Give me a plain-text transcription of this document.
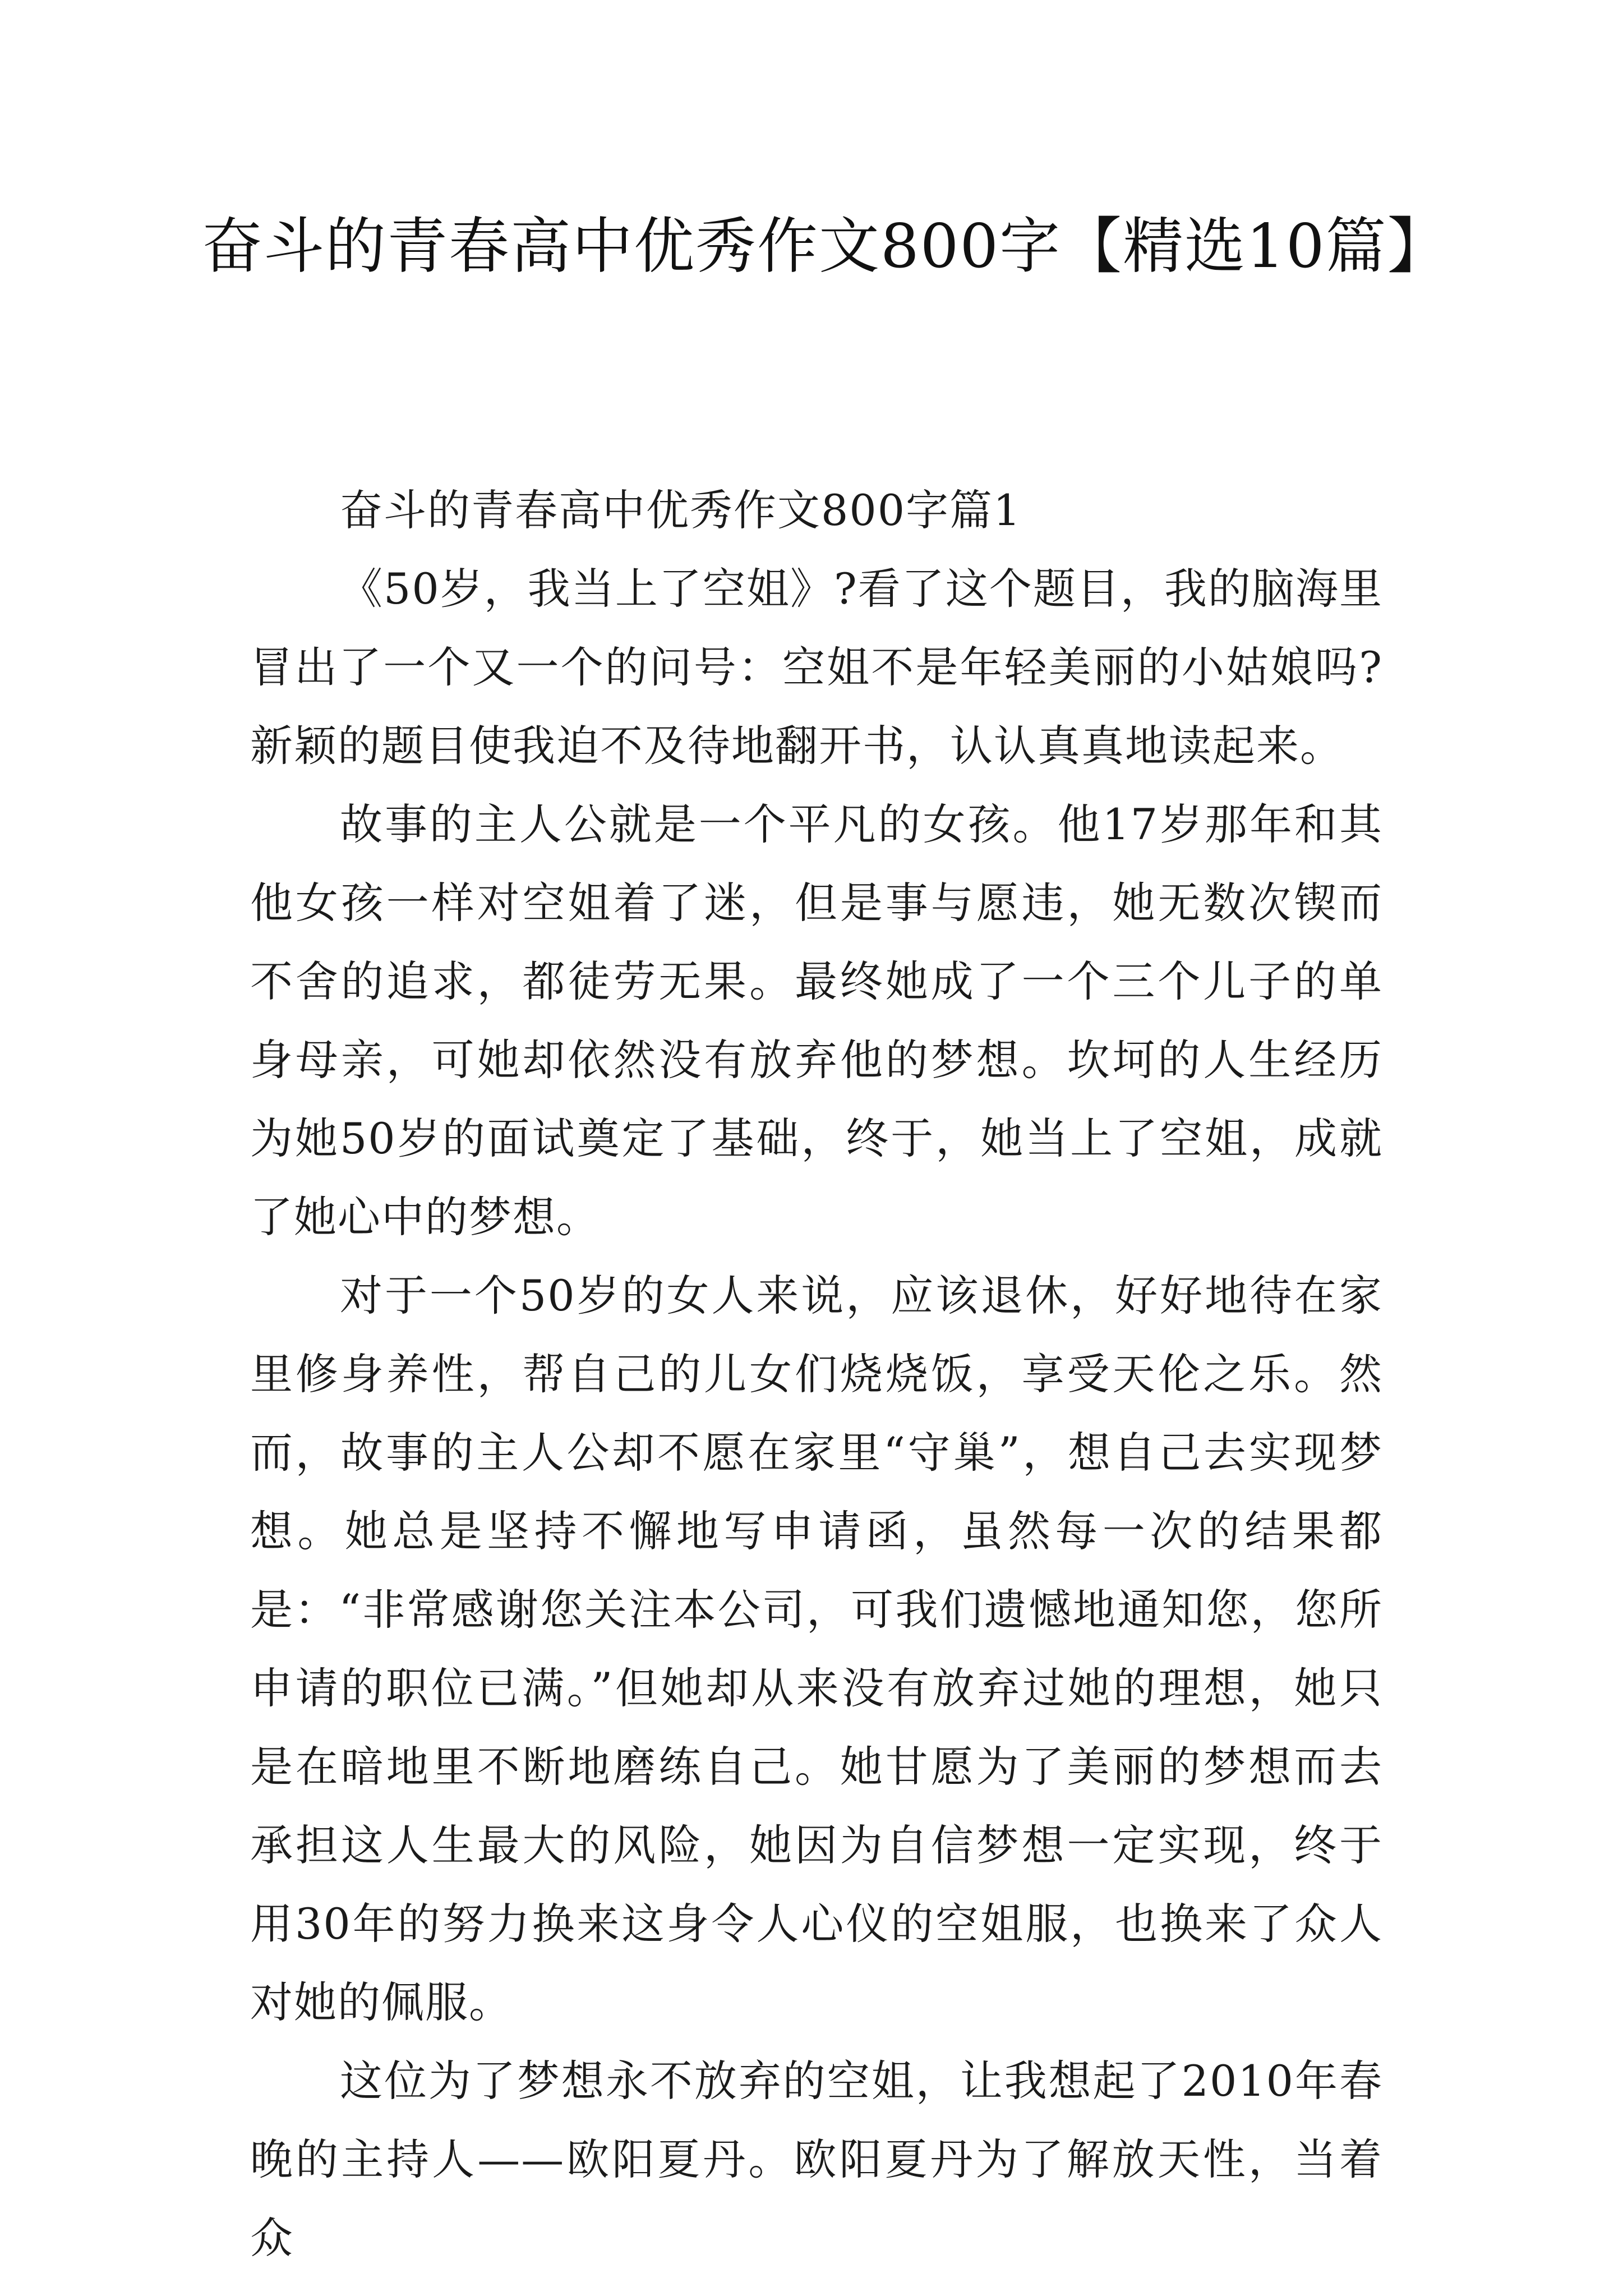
奋斗的青春高中优秀作文800字【精选10篇】

奋斗的青春高中优秀作文800字篇1

《50岁，我当上了空姐》?看了这个题目，我的脑海里冒出了一个又一个的问号：空姐不是年轻美丽的小姑娘吗?新颖的题目使我迫不及待地翻开书，认认真真地读起来。

故事的主人公就是一个平凡的女孩。他17岁那年和其他女孩一样对空姐着了迷，但是事与愿违，她无数次锲而不舍的追求，都徒劳无果。最终她成了一个三个儿子的单身母亲，可她却依然没有放弃他的梦想。坎坷的人生经历为她50岁的面试奠定了基础，终于，她当上了空姐，成就了她心中的梦想。

对于一个50岁的女人来说，应该退休，好好地待在家里修身养性，帮自己的儿女们烧烧饭，享受天伦之乐。然而，故事的主人公却不愿在家里“守巢”，想自己去实现梦想。她总是坚持不懈地写申请函，虽然每一次的结果都是：“非常感谢您关注本公司，可我们遗憾地通知您，您所申请的职位已满。”但她却从来没有放弃过她的理想，她只是在暗地里不断地磨练自己。她甘愿为了美丽的梦想而去承担这人生最大的风险，她因为自信梦想一定实现，终于用30年的努力换来这身令人心仪的空姐服，也换来了众人对她的佩服。

这位为了梦想永不放弃的空姐，让我想起了2010年春晚的主持人——欧阳夏丹。欧阳夏丹为了解放天性，当着众
